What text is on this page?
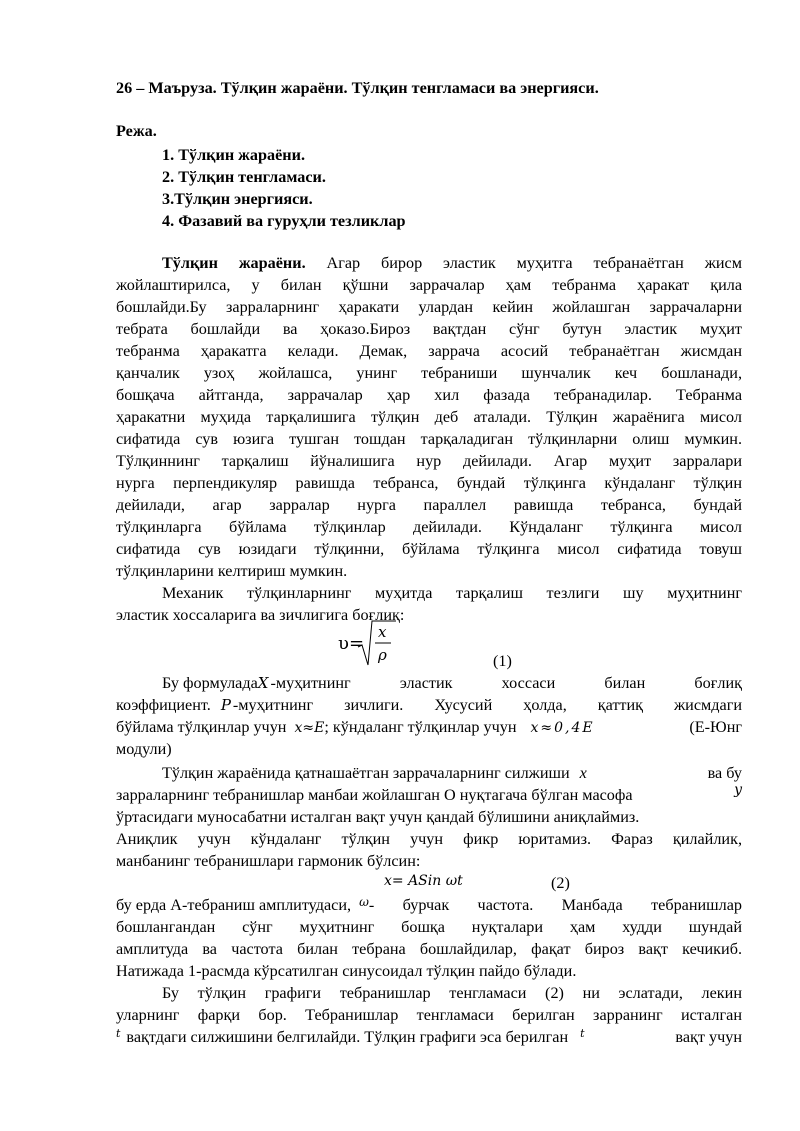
26 – Маъруза. Тўлқин жараёни. Тўлқин тенгламаси ва энергияси.
Режа.
1. Тўлқин жараёни.
2. Тўлқин тенгламаси.
3.Тўлқин энергияси.
4. Фазавий ва гуруҳли тезликлар
Тўлқин жараёни. Агар бирор эластик муҳитга тебранаётган жисм
жойлаштирилса, у билан қўшни заррачалар ҳам тебранма ҳаракат қила
бошлайди.Бу зарраларнинг ҳаракати улардан кейин жойлашган заррачаларни
тебрата бошлайди ва ҳоказо.Бироз вақтдан сўнг бутун эластик муҳит
тебранма ҳаракатга келади. Демак, заррача асосий тебранаётган жисмдан
қанчалик узоҳ жойлашса, унинг тебраниши шунчалик кеч бошланади,
бошқача айтганда, заррачалар ҳар хил фазада тебранадилар. Тебранма
ҳаракатни муҳида тарқалишига тўлқин деб аталади. Тўлқин жараёнига мисол
сифатида сув юзига тушган тошдан тарқаладиган тўлқинларни олиш мумкин.
Тўлқиннинг тарқалиш йўналишига нур дейилади. Агар муҳит зарралари
нурга перпендикуляр равишда тебранса, бундай тўлқинга кўндаланг тўлқин
дейилади, агар зарралар нурга параллел равишда тебранса, бундай
тўлқинларга бўйлама тўлқинлар дейилади. Кўндаланг тўлқинга мисол
сифатида сув юзидаги тўлқинни, бўйлама тўлқинга мисол сифатида товуш
тўлқинларини келтириш мумкин.
Механик тўлқинларнинг муҳитда тарқалиш тезлиги шу муҳитнинг
эластик хоссаларига ва зичлигига боғлиқ:
υ=
x
ρ	(1)
Бу формулада X -муҳитнинг эластик хоссаси билан боғлиқ
коэффициент. P -муҳитнинг зичлиги. Хусусий ҳолда, қаттиқ жисмдаги
бўйлама тўлқинлар учун x≈E ; кўндаланг тўлқинлар учун x≈0,4E	(Е-Юнг
модули)
Тўлқин жараёнида қатнашаётган заррачаларнинг силжиши x	ва бу
зарраларнинг тебранишлар манбаи жойлашган О нуқтагача бўлган масофа	y
ўртасидаги муносабатни исталган вақт учун қандай бўлишини аниқлаймиз.
Аниқлик учун кўндаланг тўлқин учун фикр юритамиз. Фараз қилайлик,
манбанинг тебранишлари гармоник бўлсин:
x= ASin ωt	(2)
бу ерда А-тебраниш амплитудаси, ω - бурчак частота. Манбада тебранишлар
бошлангандан сўнг муҳитнинг бошқа нуқталари ҳам худди шундай
амплитуда ва частота билан тебрана бошлайдилар, фақат бироз вақт кечикиб.
Натижада 1-расмда кўрсатилган синусоидал тўлқин пайдо бўлади.
Бу тўлқин графиги тебранишлар тенгламаси (2) ни эслатади, лекин
уларнинг фарқи бор. Тебранишлар тенгламаси берилган зарранинг исталган
t вақтдаги силжишини белгилайди. Тўлқин графиги эса берилган t	вақт учун
